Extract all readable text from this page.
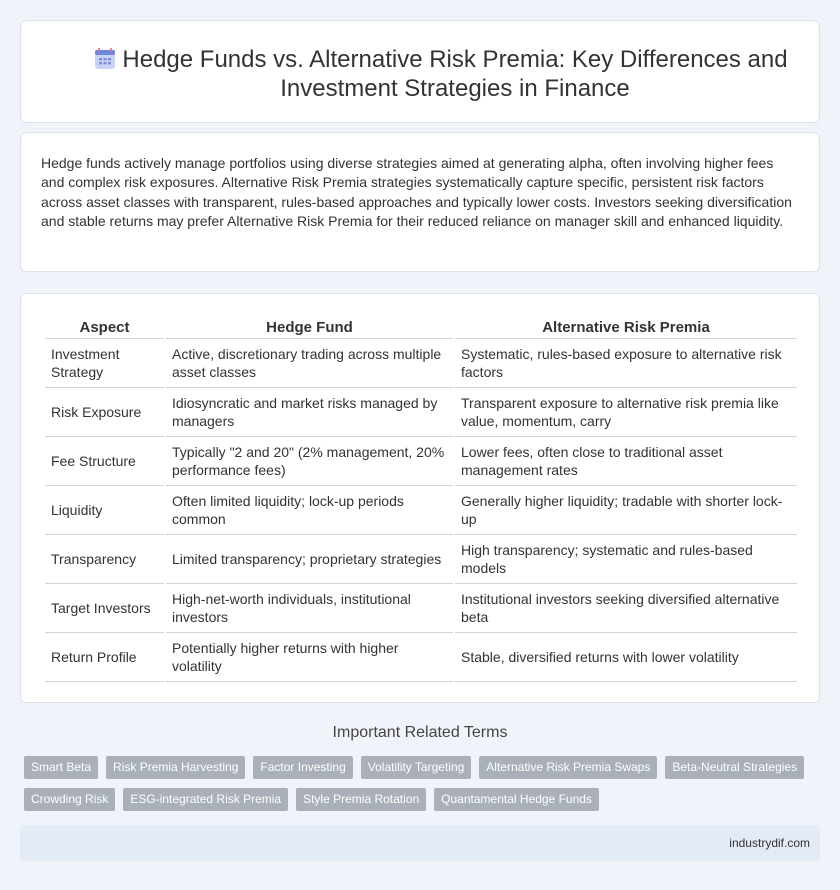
Hedge Funds vs. Alternative Risk Premia: Key Differences and Investment Strategies in Finance

Hedge funds actively manage portfolios using diverse strategies aimed at generating alpha, often involving higher fees and complex risk exposures. Alternative Risk Premia strategies systematically capture specific, persistent risk factors across asset classes with transparent, rules-based approaches and typically lower costs. Investors seeking diversification and stable returns may prefer Alternative Risk Premia for their reduced reliance on manager skill and enhanced liquidity.

Aspect	Hedge Fund	Alternative Risk Premia
Investment Strategy	Active, discretionary trading across multiple asset classes	Systematic, rules-based exposure to alternative risk factors
Risk Exposure	Idiosyncratic and market risks managed by managers	Transparent exposure to alternative risk premia like value, momentum, carry
Fee Structure	Typically "2 and 20" (2% management, 20% performance fees)	Lower fees, often close to traditional asset management rates
Liquidity	Often limited liquidity; lock-up periods common	Generally higher liquidity; tradable with shorter lock-up
Transparency	Limited transparency; proprietary strategies	High transparency; systematic and rules-based models
Target Investors	High-net-worth individuals, institutional investors	Institutional investors seeking diversified alternative beta
Return Profile	Potentially higher returns with higher volatility	Stable, diversified returns with lower volatility
Important Related Terms
Smart Beta	Risk Premia Harvesting	Factor Investing	Volatility Targeting	Alternative Risk Premia Swaps	Beta-Neutral Strategies
Crowding Risk	ESG-integrated Risk Premia	Style Premia Rotation	Quantamental Hedge Funds
industrydif.com
